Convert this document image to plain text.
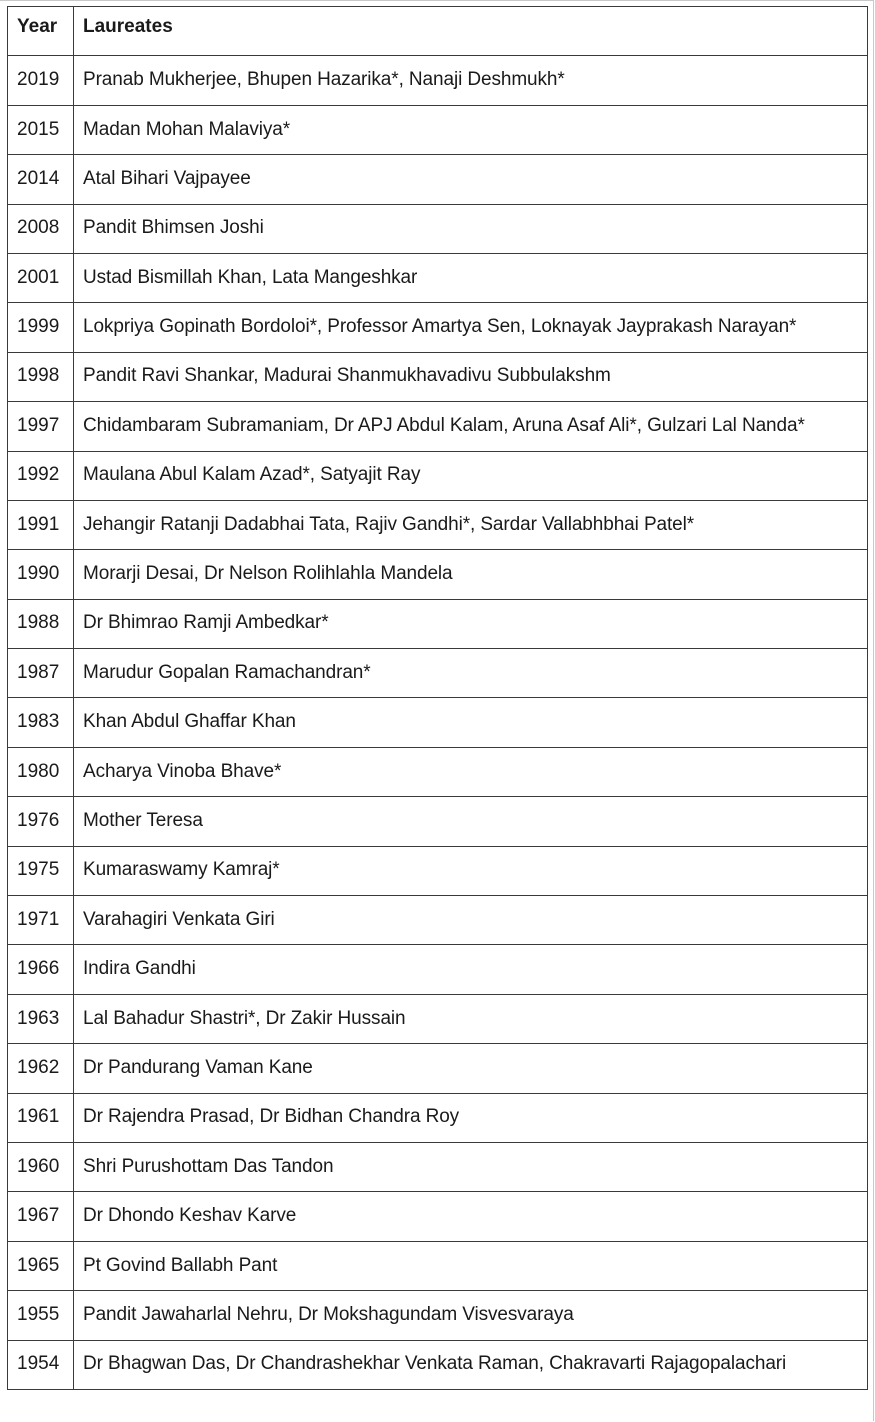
Year	Laureates
2019	Pranab Mukherjee, Bhupen Hazarika*, Nanaji Deshmukh*
2015	Madan Mohan Malaviya*
2014	Atal Bihari Vajpayee
2008	Pandit Bhimsen Joshi
2001	Ustad Bismillah Khan, Lata Mangeshkar
1999	Lokpriya Gopinath Bordoloi*, Professor Amartya Sen, Loknayak Jayprakash Narayan*
1998	Pandit Ravi Shankar, Madurai Shanmukhavadivu Subbulakshm
1997	Chidambaram Subramaniam, Dr APJ Abdul Kalam, Aruna Asaf Ali*, Gulzari Lal Nanda*
1992	Maulana Abul Kalam Azad*, Satyajit Ray
1991	Jehangir Ratanji Dadabhai Tata, Rajiv Gandhi*, Sardar Vallabhbhai Patel*
1990	Morarji Desai, Dr Nelson Rolihlahla Mandela
1988	Dr Bhimrao Ramji Ambedkar*
1987	Marudur Gopalan Ramachandran*
1983	Khan Abdul Ghaffar Khan
1980	Acharya Vinoba Bhave*
1976	Mother Teresa
1975	Kumaraswamy Kamraj*
1971	Varahagiri Venkata Giri
1966	Indira Gandhi
1963	Lal Bahadur Shastri*, Dr Zakir Hussain
1962	Dr Pandurang Vaman Kane
1961	Dr Rajendra Prasad, Dr Bidhan Chandra Roy
1960	Shri Purushottam Das Tandon
1967	Dr Dhondo Keshav Karve
1965	Pt Govind Ballabh Pant
1955	Pandit Jawaharlal Nehru, Dr Mokshagundam Visvesvaraya
1954	Dr Bhagwan Das, Dr Chandrashekhar Venkata Raman, Chakravarti Rajagopalachari
